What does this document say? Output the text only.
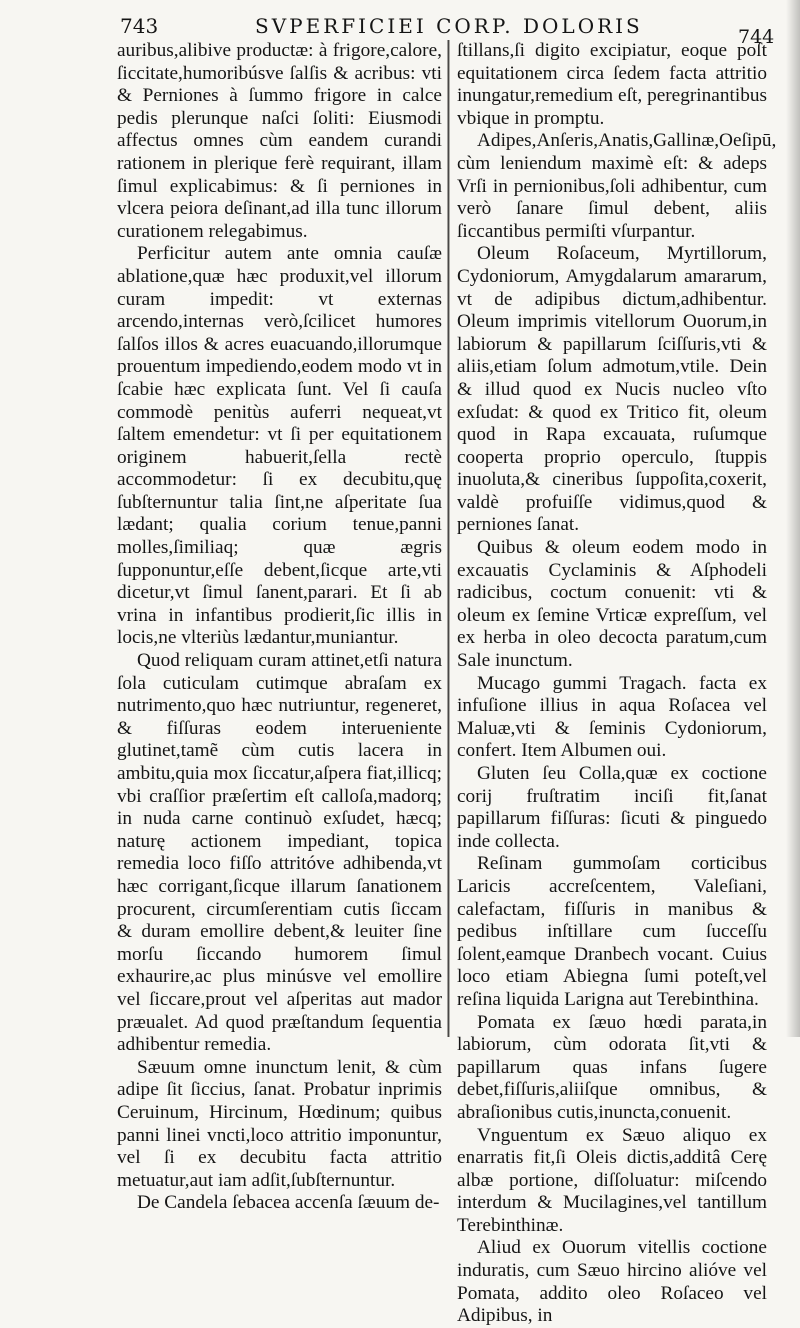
743	SVPERFICIEI CORP. DOLORIS	744

auribus,alibive productæ: à frigore,calore, ſiccitate,humoribúsve ſalſis & acribus: vti & Perniones à ſummo frigore in calce pedis plerunque naſci ſoliti: Eiusmodi affectus omnes cùm eandem curandi rationem in plerique ferè requirant, illam ſimul explicabimus: & ſi perniones in vlcera peiora deſinant,ad illa tunc illorum curationem relegabimus.

Perficitur autem ante omnia cauſæ ablatione,quæ hæc produxit,vel illorum curam impedit: vt externas arcendo,internas verò,ſcilicet humores ſalſos illos & acres euacuando,illorumque prouentum impediendo,eodem modo vt in ſcabie hæc explicata ſunt. Vel ſi cauſa commodè penitùs auferri nequeat,vt ſaltem emendetur: vt ſi per equitationem originem habuerit,ſella rectè accommodetur: ſi ex decubitu,quę ſubſternuntur talia ſint,ne aſperitate ſua lædant; qualia corium tenue,panni molles,ſimiliaq; quæ ægris ſupponuntur,eſſe debent,ſicque arte,vti dicetur,vt ſimul ſanent,parari. Et ſi ab vrina in infantibus prodierit,ſic illis in locis,ne vlteriùs lædantur,muniantur.

Quod reliquam curam attinet,etſi natura ſola cuticulam cutimque abraſam ex nutrimento,quo hæc nutriuntur, regeneret, & fiſſuras eodem interueniente glutinet,tamẽ cùm cutis lacera in ambitu,quia mox ſiccatur,aſpera fiat,illicq; vbi craſſior præſertim eſt calloſa,madorq; in nuda carne continuò exſudet, hæcq; naturę actionem impediant, topica remedia loco fiſſo attritóve adhibenda,vt hæc corrigant,ſicque illarum ſanationem procurent, circumſerentiam cutis ſiccam & duram emollire debent,& leuiter ſine morſu ſiccando humorem ſimul exhaurire,ac plus minúsve vel emollire vel ſiccare,prout vel aſperitas aut mador præualet. Ad quod præſtandum ſequentia adhibentur remedia.

Sæuum omne inunctum lenit, & cùm adipe ſit ſiccius, ſanat. Probatur inprimis Ceruinum, Hircinum, Hœdinum; quibus panni linei vncti,loco attritio imponuntur, vel ſi ex decubitu facta attritio metuatur,aut iam adſit,ſubſternuntur.

De Candela ſebacea accenſa ſæuum de-

ſtillans,ſi digito excipiatur, eoque poſt equitationem circa ſedem facta attritio inungatur,remedium eſt, peregrinantibus vbique in promptu.

Adipes,Anſeris,Anatis,Gallinæ,Oeſipū, cùm leniendum maximè eſt: & adeps Vrſi in pernionibus,ſoli adhibentur, cum verò ſanare ſimul debent, aliis ſiccantibus permiſti vſurpantur.

Oleum Roſaceum, Myrtillorum, Cydoniorum, Amygdalarum amararum, vt de adipibus dictum,adhibentur. Oleum imprimis vitellorum Ouorum,in labiorum & papillarum ſciſſuris,vti & aliis,etiam ſolum admotum,vtile. Dein & illud quod ex Nucis nucleo vſto exſudat: & quod ex Tritico fit, oleum quod in Rapa excauata, ruſumque cooperta proprio operculo, ſtuppis inuoluta,& cineribus ſuppoſita,coxerit, valdè profuiſſe vidimus,quod & perniones ſanat.

Quibus & oleum eodem modo in excauatis Cyclaminis & Aſphodeli radicibus, coctum conuenit: vti & oleum ex ſemine Vrticæ expreſſum, vel ex herba in oleo decocta paratum,cum Sale inunctum.

Mucago gummi Tragach. facta ex infuſione illius in aqua Roſacea vel Maluæ,vti & ſeminis Cydoniorum, confert. Item Albumen oui.

Gluten ſeu Colla,quæ ex coctione corij fruſtratim inciſi fit,ſanat papillarum fiſſuras: ſicuti & pinguedo inde collecta.

Reſinam gummoſam corticibus Laricis accreſcentem, Valeſiani, calefactam, fiſſuris in manibus & pedibus inſtillare cum ſucceſſu ſolent,eamque Dranbech vocant. Cuius loco etiam Abiegna ſumi poteſt,vel reſina liquida Larigna aut Terebinthina.

Pomata ex ſæuo hœdi parata,in labiorum, cùm odorata ſit,vti & papillarum quas infans ſugere debet,fiſſuris,aliiſque omnibus, & abraſionibus cutis,inuncta,conuenit.

Vnguentum ex Sæuo aliquo ex enarratis fit,ſi Oleis dictis,additâ Cerę albæ portione, diſſoluatur: miſcendo interdum & Mucilagines,vel tantillum Terebinthinæ.

Aliud ex Ouorum vitellis coctione induratis, cum Sæuo hircino alióve vel Pomata, addito oleo Roſaceo vel Adipibus, in
